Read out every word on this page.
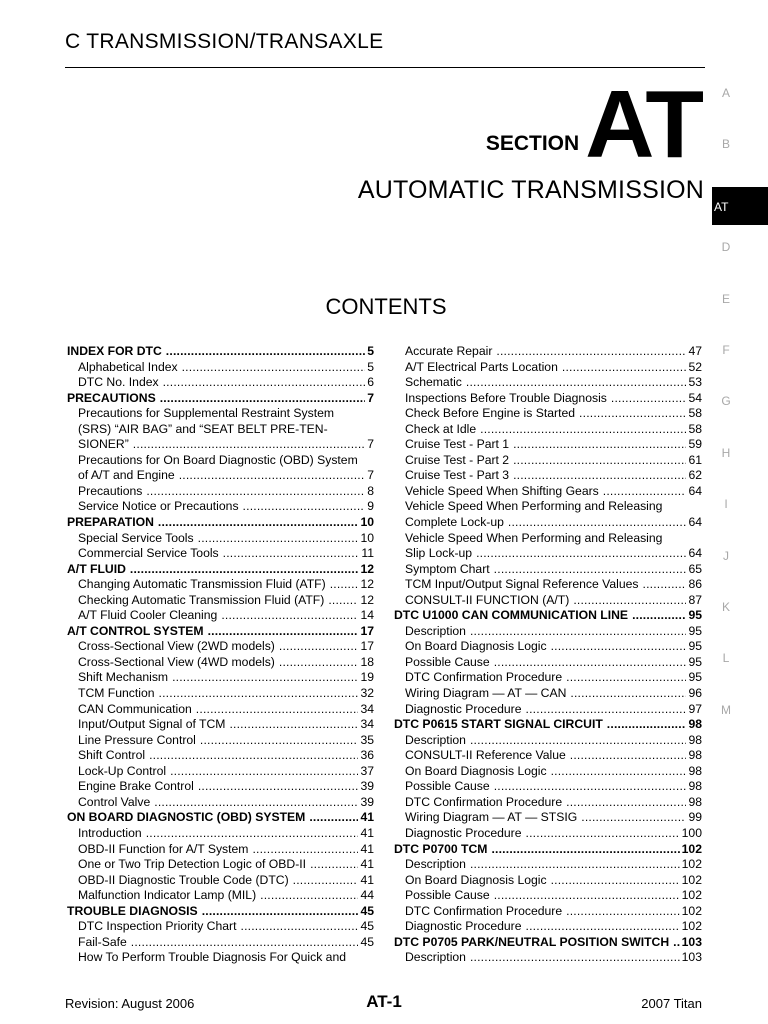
C TRANSMISSION/TRANSAXLE
SECTION AT
AUTOMATIC TRANSMISSION
CONTENTS
INDEX FOR DTC . . .	5
Alphabetical Index . . .	5
DTC No. Index . . .	6
PRECAUTIONS . . .	7
Precautions for Supplemental Restraint System
(SRS) “AIR BAG” and “SEAT BELT PRE-TEN-
SIONER” . . .	7
Precautions for On Board Diagnostic (OBD) System
of A/T and Engine . . .	7
Precautions . . .	8
Service Notice or Precautions . . .	9
PREPARATION . . .	10
Special Service Tools . . .	10
Commercial Service Tools . . .	11
A/T FLUID . . .	12
Changing Automatic Transmission Fluid (ATF) . . .	12
Checking Automatic Transmission Fluid (ATF) . . .	12
A/T Fluid Cooler Cleaning . . .	14
A/T CONTROL SYSTEM . . .	17
Cross-Sectional View (2WD models) . . .	17
Cross-Sectional View (4WD models) . . .	18
Shift Mechanism . . .	19
TCM Function . . .	32
CAN Communication . . .	34
Input/Output Signal of TCM . . .	34
Line Pressure Control . . .	35
Shift Control . . .	36
Lock-Up Control . . .	37
Engine Brake Control . . .	39
Control Valve . . .	39
ON BOARD DIAGNOSTIC (OBD) SYSTEM . . .	41
Introduction . . .	41
OBD-II Function for A/T System . . .	41
One or Two Trip Detection Logic of OBD-II . . .	41
OBD-II Diagnostic Trouble Code (DTC) . . .	41
Malfunction Indicator Lamp (MIL) . . .	44
TROUBLE DIAGNOSIS . . .	45
DTC Inspection Priority Chart . . .	45
Fail-Safe . . .	45
How To Perform Trouble Diagnosis For Quick and
Accurate Repair . . .	47
A/T Electrical Parts Location . . .	52
Schematic . . .	53
Inspections Before Trouble Diagnosis . . .	54
Check Before Engine is Started . . .	58
Check at Idle . . .	58
Cruise Test - Part 1 . . .	59
Cruise Test - Part 2 . . .	61
Cruise Test - Part 3 . . .	62
Vehicle Speed When Shifting Gears . . .	64
Vehicle Speed When Performing and Releasing
Complete Lock-up . . .	64
Vehicle Speed When Performing and Releasing
Slip Lock-up . . .	64
Symptom Chart . . .	65
TCM Input/Output Signal Reference Values . . .	86
CONSULT-II FUNCTION (A/T) . . .	87
DTC U1000 CAN COMMUNICATION LINE . . .	95
Description . . .	95
On Board Diagnosis Logic . . .	95
Possible Cause . . .	95
DTC Confirmation Procedure . . .	95
Wiring Diagram — AT — CAN . . .	96
Diagnostic Procedure . . .	97
DTC P0615 START SIGNAL CIRCUIT . . .	98
Description . . .	98
CONSULT-II Reference Value . . .	98
On Board Diagnosis Logic . . .	98
Possible Cause . . .	98
DTC Confirmation Procedure . . .	98
Wiring Diagram — AT — STSIG . . .	99
Diagnostic Procedure . . .	100
DTC P0700 TCM . . .	102
Description . . .	102
On Board Diagnosis Logic . . .	102
Possible Cause . . .	102
DTC Confirmation Procedure . . .	102
Diagnostic Procedure . . .	102
DTC P0705 PARK/NEUTRAL POSITION SWITCH . . . 103
Description . . .	103
A
B
AT
D
E
F
G
H
I
J
K
L
M
Revision: August 2006	AT-1	2007 Titan
